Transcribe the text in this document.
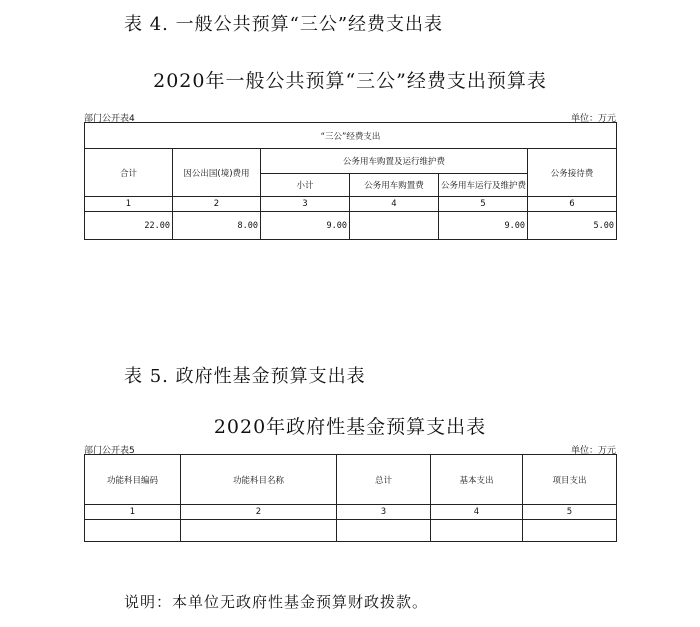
表 4. 一般公共预算“三公”经费支出表
2020年一般公共预算“三公”经费支出预算表
部门公开表4	单位：万元
“三公”经费支出					
合计	因公出国(境)费用	公务用车购置及运行维护费			公务接待费
		小计	公务用车购置费	公务用车运行及维护费	
1	2	3	4	5	6
22.00	8.00	9.00		9.00	5.00
表 5. 政府性基金预算支出表
2020年政府性基金预算支出表
部门公开表5	单位：万元
功能科目编码	功能科目名称	总计	基本支出	项目支出
1	2	3	4	5

说明：本单位无政府性基金预算财政拨款。
